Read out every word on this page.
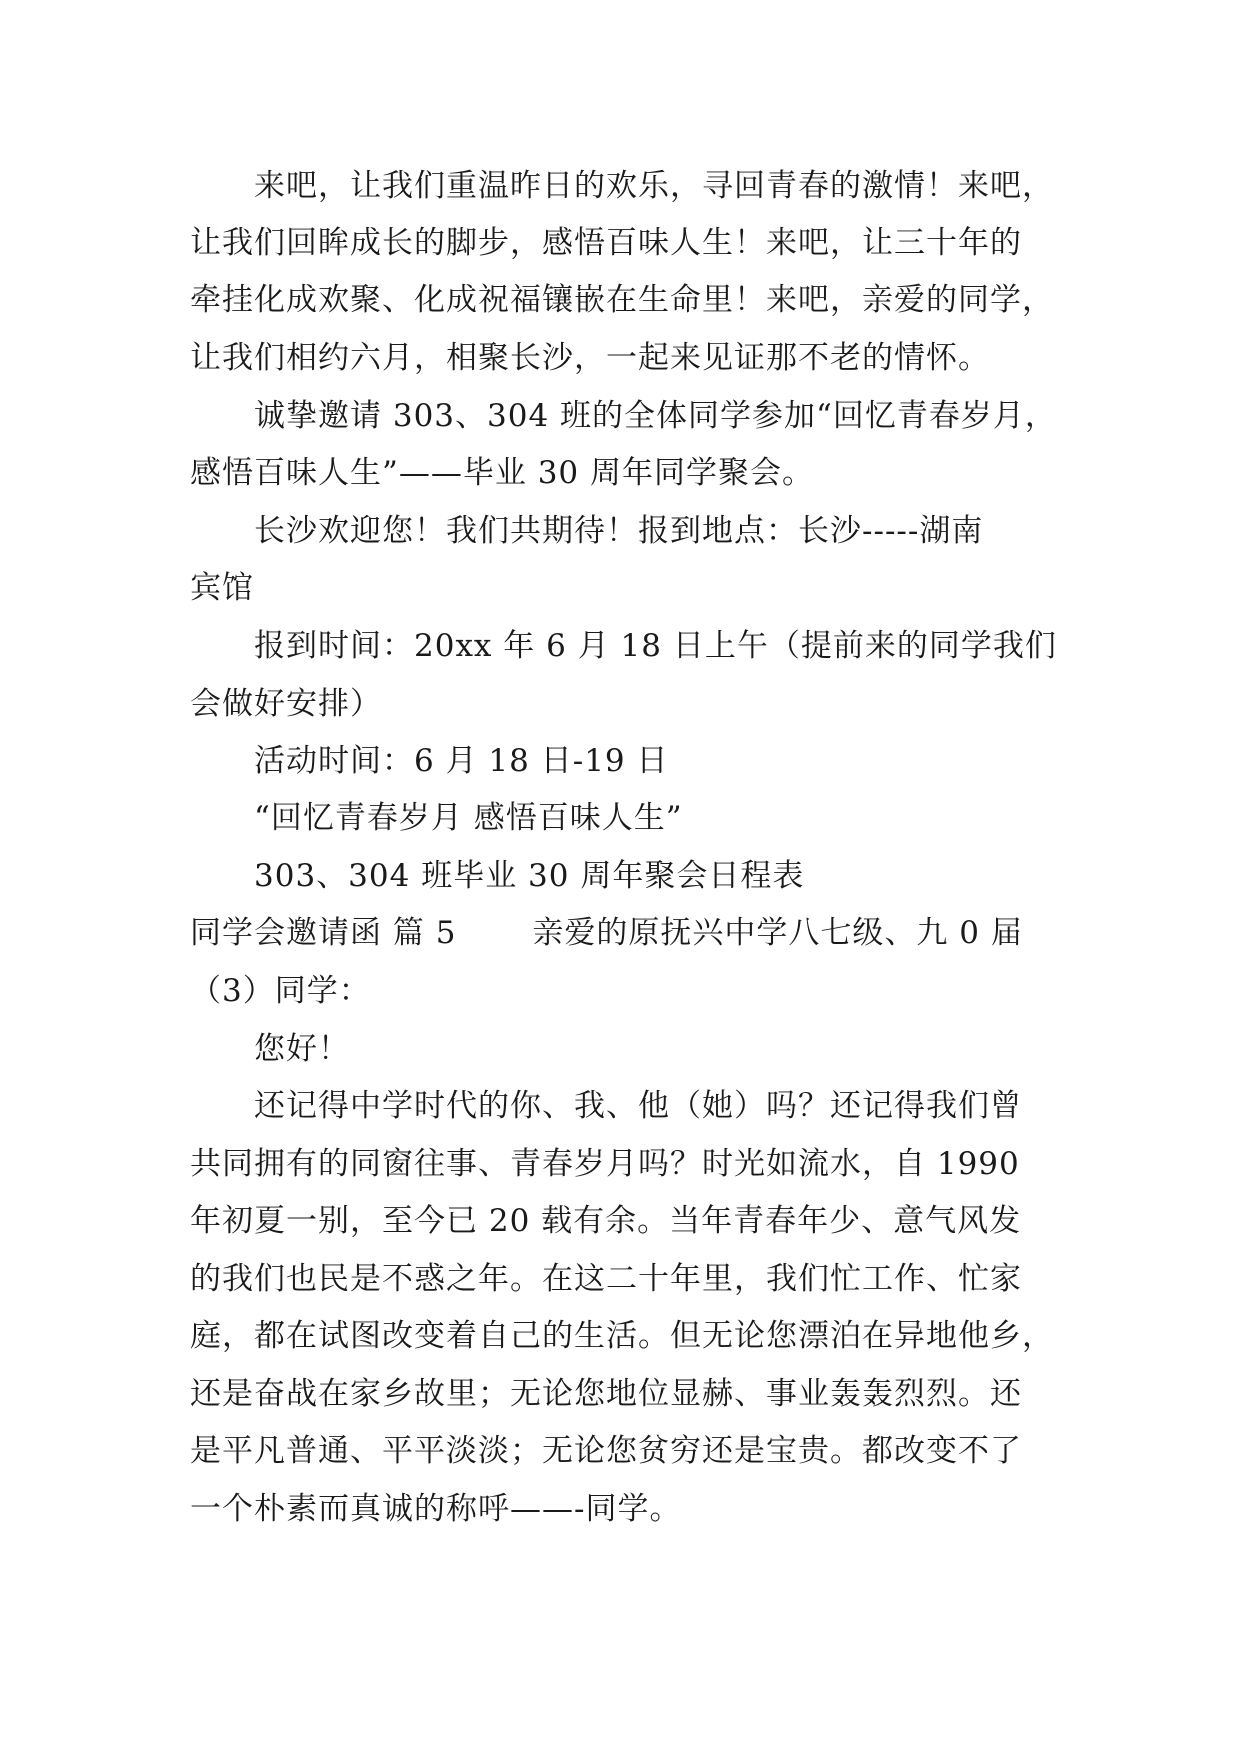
来吧，让我们重温昨日的欢乐，寻回青春的激情！来吧，

让我们回眸成长的脚步，感悟百味人生！来吧，让三十年的

牵挂化成欢聚、化成祝福镶嵌在生命里！来吧，亲爱的同学，

让我们相约六月，相聚长沙，一起来见证那不老的情怀。

诚挚邀请 303、304 班的全体同学参加“回忆青春岁月，

感悟百味人生”——毕业 30 周年同学聚会。

长沙欢迎您！我们共期待！报到地点：长沙-----湖南

宾馆

报到时间：20xx 年 6 月 18 日上午（提前来的同学我们

会做好安排）

活动时间：6 月 18 日-19 日

“回忆青春岁月 感悟百味人生”

303、304 班毕业 30 周年聚会日程表

同学会邀请函 篇 5       亲爱的原抚兴中学八七级、九 0 届

（3）同学：

您好！

还记得中学时代的你、我、他（她）吗？还记得我们曾

共同拥有的同窗往事、青春岁月吗？时光如流水，自 1990

年初夏一别，至今已 20 载有余。当年青春年少、意气风发

的我们也民是不惑之年。在这二十年里，我们忙工作、忙家

庭，都在试图改变着自己的生活。但无论您漂泊在异地他乡，

还是奋战在家乡故里；无论您地位显赫、事业轰轰烈烈。还

是平凡普通、平平淡淡；无论您贫穷还是宝贵。都改变不了

一个朴素而真诚的称呼——-同学。
